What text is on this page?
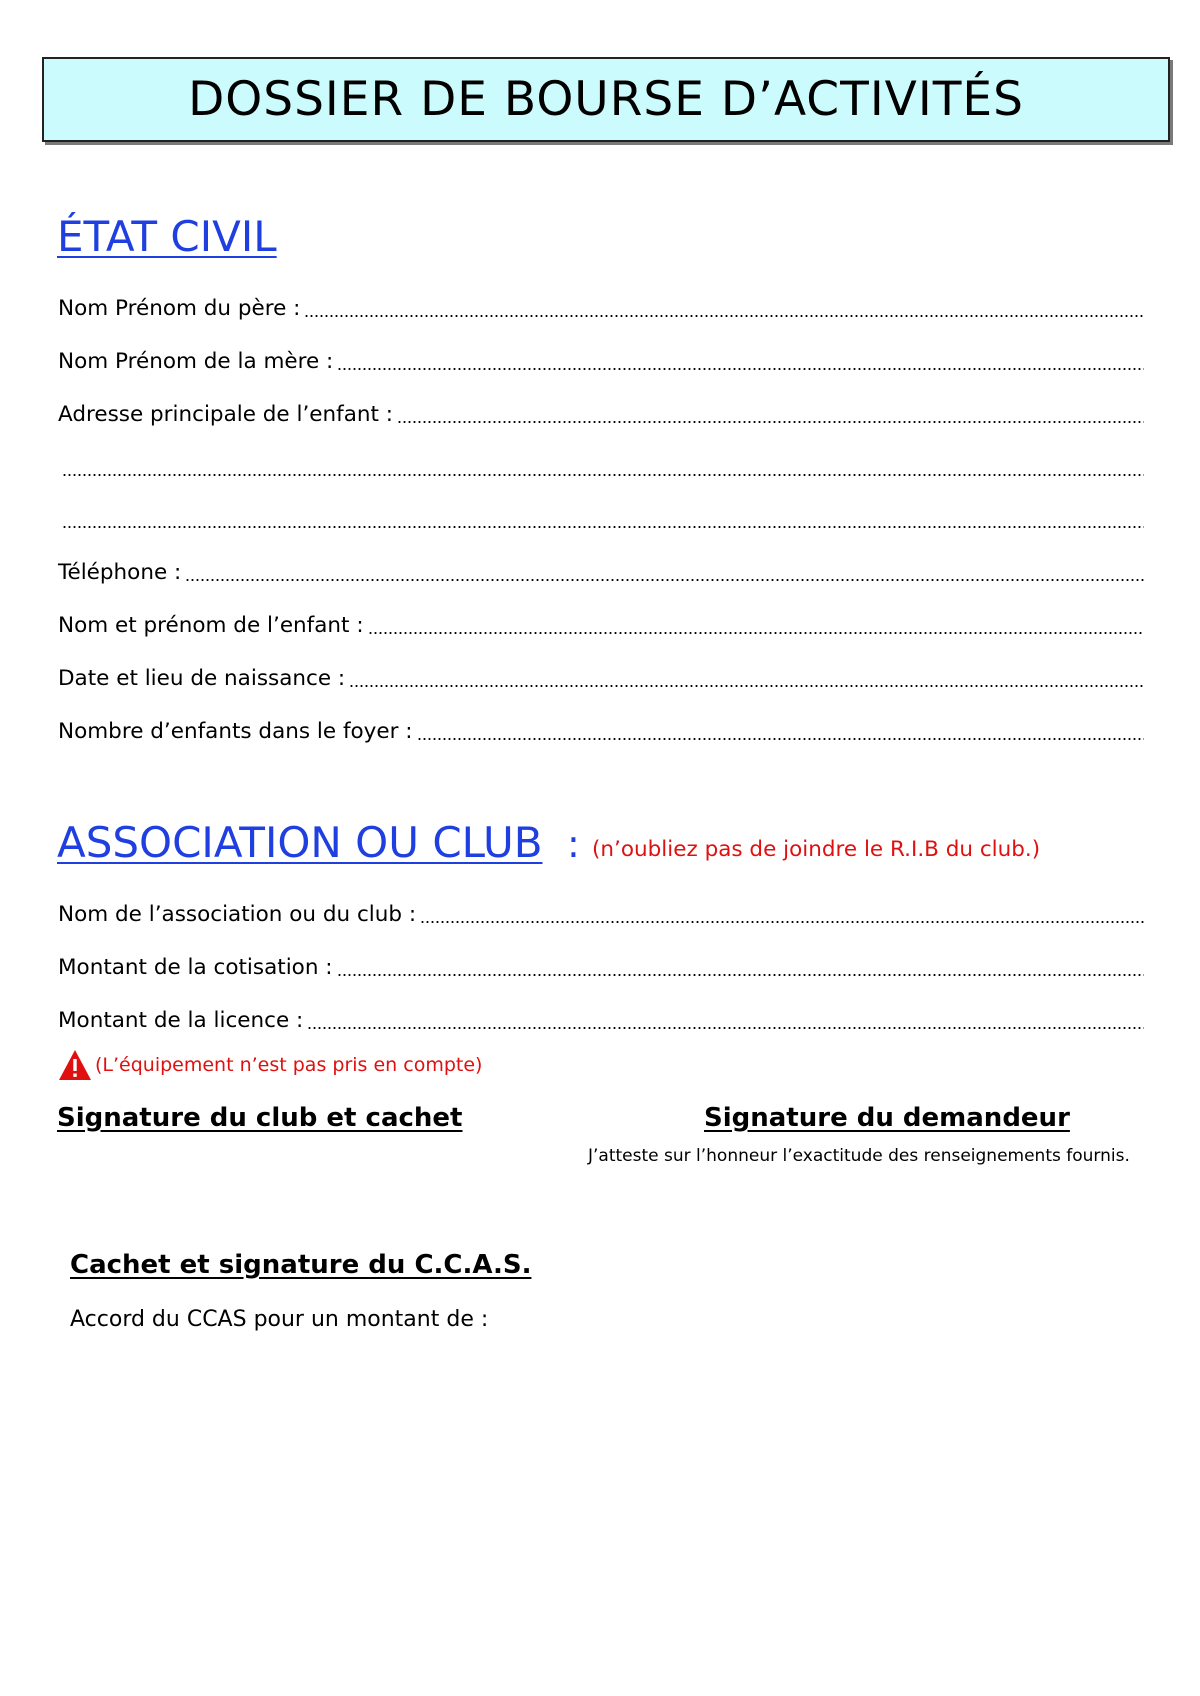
DOSSIER DE BOURSE D’ACTIVITÉS
ÉTAT CIVIL
Nom Prénom du père :
Nom Prénom de la mère :
Adresse principale de l’enfant :
Téléphone :
Nom et prénom de l’enfant :
Date et lieu de naissance :
Nombre d’enfants dans le foyer :
ASSOCIATION OU CLUB : (n’oubliez pas de joindre le R.I.B du club.)
Nom de l’association ou du club :
Montant de la cotisation :
Montant de la licence :
(L’équipement n’est pas pris en compte)
Signature du club et cachet	Signature du demandeur
J’atteste sur l’honneur l’exactitude des renseignements fournis.
Cachet et signature du C.C.A.S.
Accord du CCAS pour un montant de :
